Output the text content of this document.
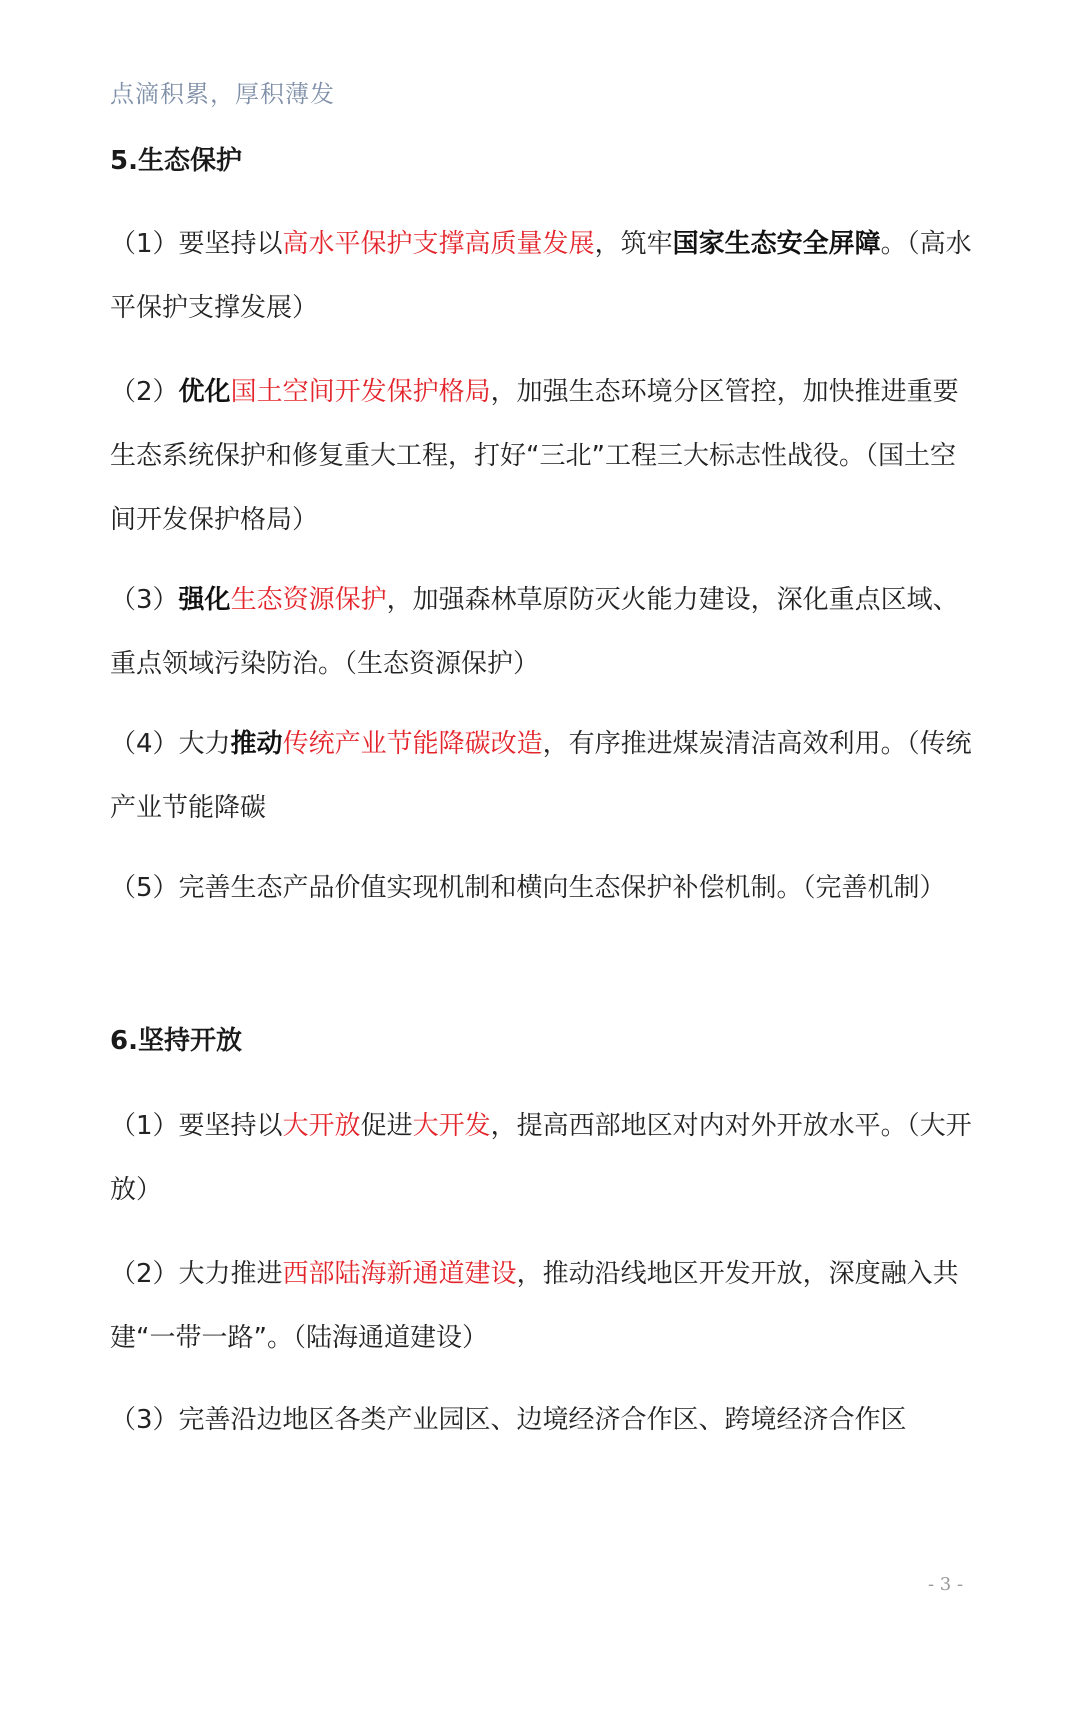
点滴积累，厚积薄发
5.生态保护

（1）要坚持以高水平保护支撑高质量发展，筑牢国家生态安全屏障。（高水平保护支撑发展）

（2）优化国土空间开发保护格局，加强生态环境分区管控，加快推进重要生态系统保护和修复重大工程，打好“三北”工程三大标志性战役。（国土空间开发保护格局）

（3）强化生态资源保护，加强森林草原防灭火能力建设，深化重点区域、重点领域污染防治。（生态资源保护）

（4）大力推动传统产业节能降碳改造，有序推进煤炭清洁高效利用。（传统产业节能降碳

（5）完善生态产品价值实现机制和横向生态保护补偿机制。（完善机制）

6.坚持开放

（1）要坚持以大开放促进大开发，提高西部地区对内对外开放水平。（大开放）

（2）大力推进西部陆海新通道建设，推动沿线地区开发开放，深度融入共建“一带一路”。（陆海通道建设）

（3）完善沿边地区各类产业园区、边境经济合作区、跨境经济合作区

- 3 -
